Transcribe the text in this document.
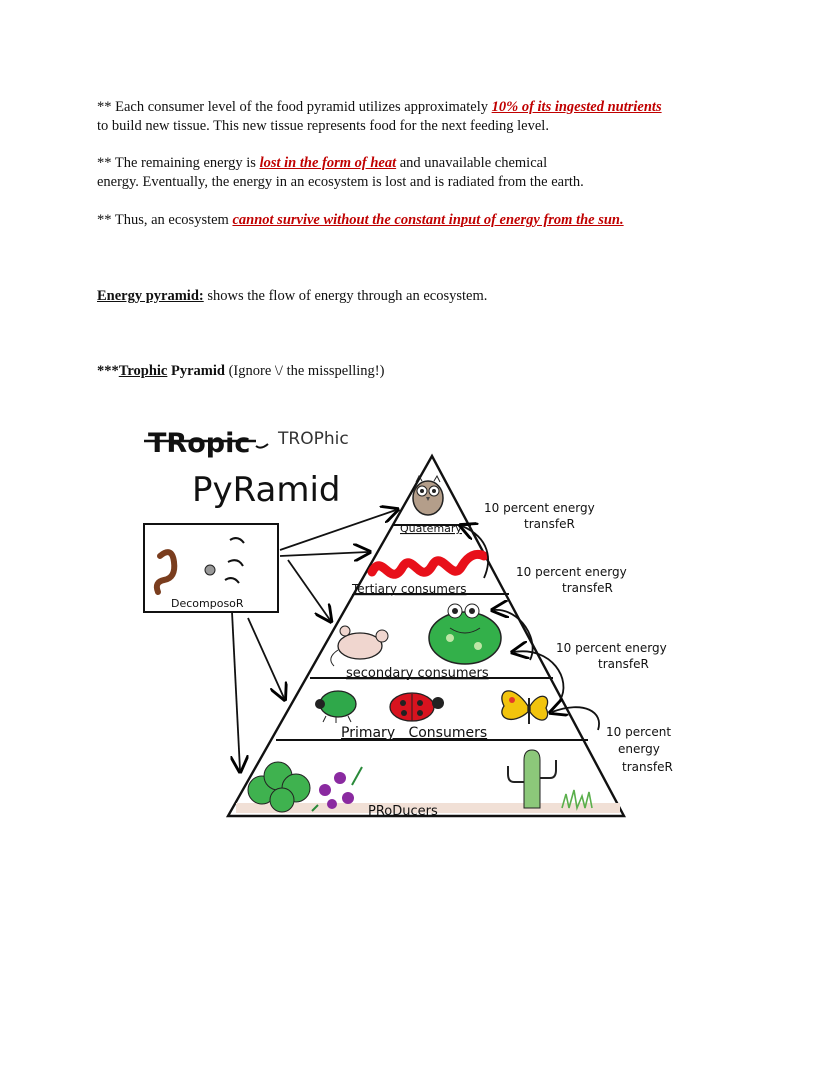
** Each consumer level of the food pyramid utilizes approximately 10% of its ingested nutrients
to build new tissue. This new tissue represents food for the next feeding level.
** The remaining energy is lost in the form of heat and unavailable chemical
energy. Eventually, the energy in an ecosystem is lost and is radiated from the earth.
** Thus, an ecosystem cannot survive without the constant input of energy from the sun.
Energy pyramid: shows the flow of energy through an ecosystem.
***Trophic Pyramid (Ignore \/ the misspelling!)
TRopic TROPhic
PyRamid
Quatemary
Tertiary consumers
secondary consumers
Primary   Consumers
PRoDucers
DecomposoR
10 percent energy
transfeR
10 percent energy
transfeR
10 percent energy
transfeR
10 percent
energy
transfeR
